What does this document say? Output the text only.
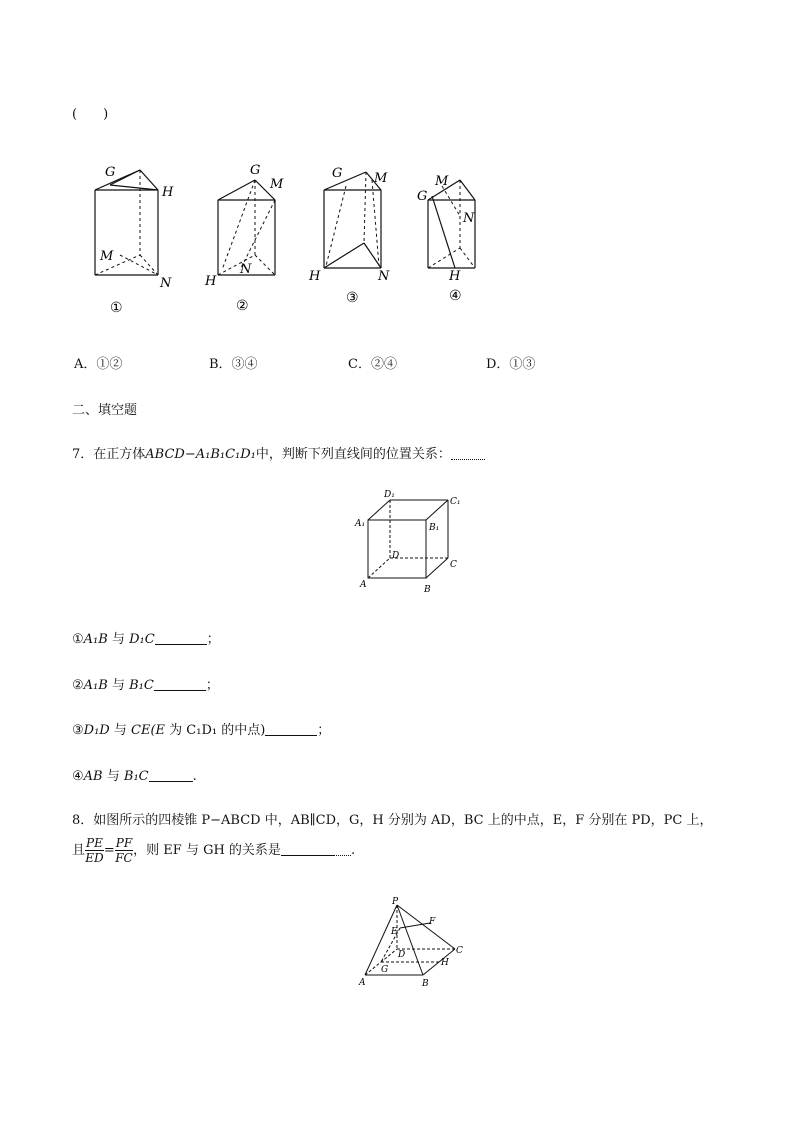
(　　)
G
H
M
N
①
G
M
H
N
②
G M
H	N
③
G
M
N
H
④
A．①②	B．③④	C．②④	D．①③
二、填空题
7．在正方体ABCD−A₁B₁C₁D₁中，判断下列直线间的位置关系：
D₁
C₁
A₁	B₁
D
C
A	B
①A₁B 与 D₁C	；
②A₁B 与 B₁C	；
③D₁D 与 CE(E 为 C₁D₁ 的中点)	；
④AB 与 B₁C	.
8．如图所示的四棱锥 P−ABCD 中，AB∥CD，G，H 分别为 AD，BC 上的中点，E，F 分别在 PD，PC 上，
且 $\frac{PE}{ED} = \frac{PF}{FC}$ ，则 EF 与 GH 的关系是	.
P
F
E
C
D
H
G
A	B
